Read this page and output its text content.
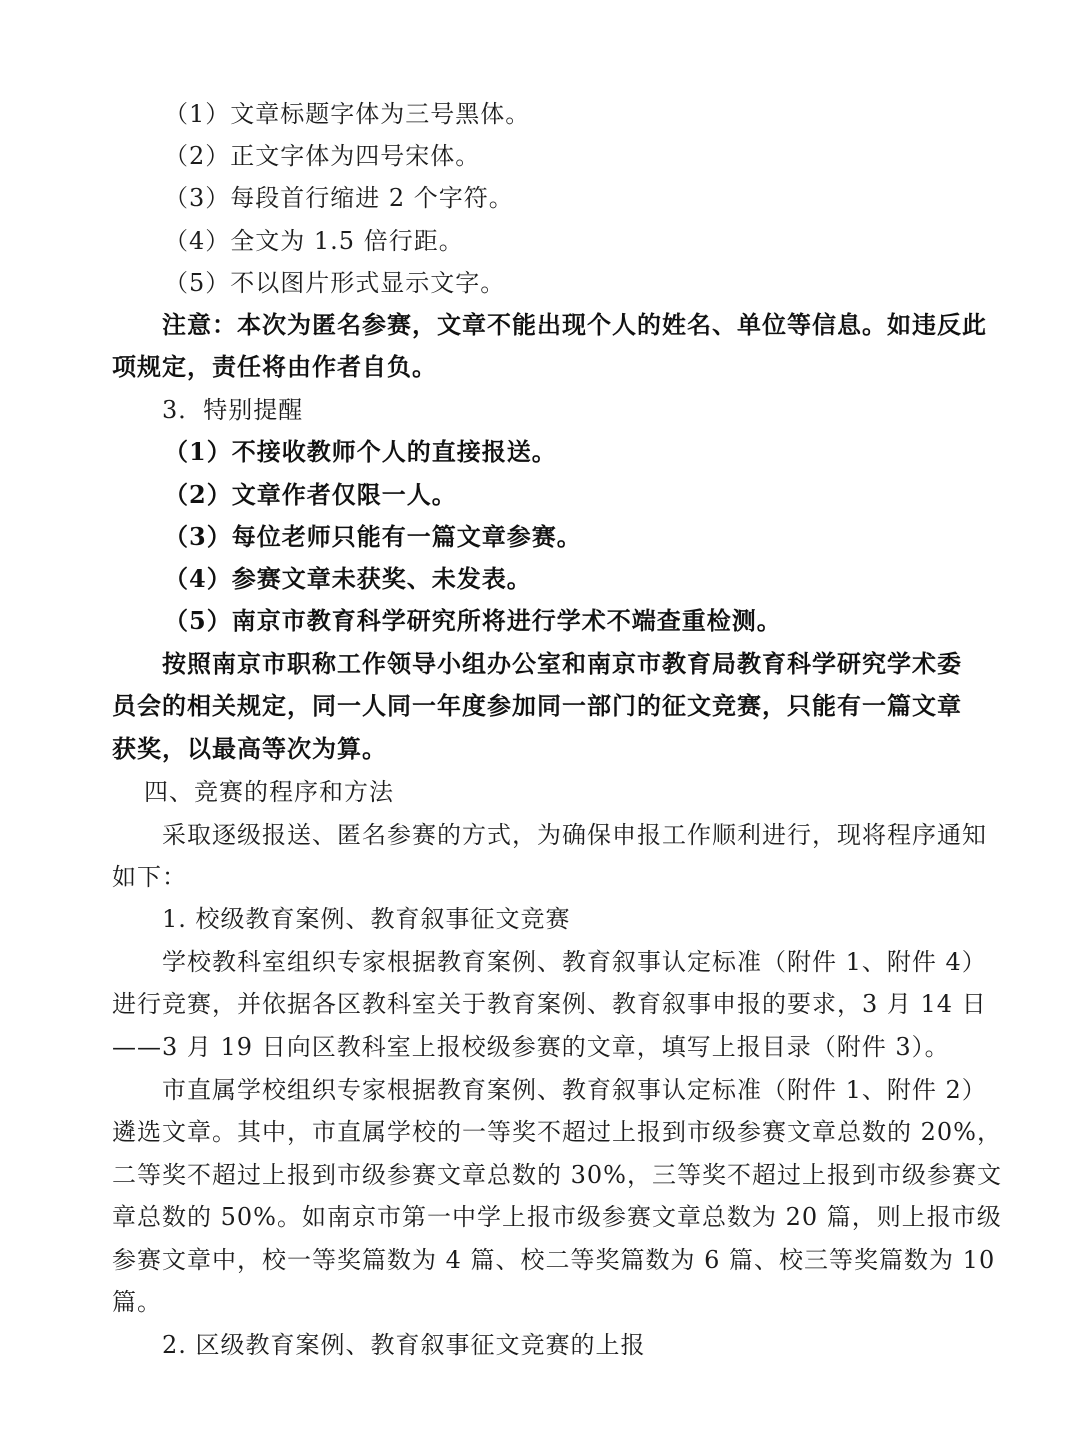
（1）文章标题字体为三号黑体。

（2）正文字体为四号宋体。

（3）每段首行缩进 2 个字符。

（4）全文为 1.5 倍行距。

（5）不以图片形式显示文字。

注意：本次为匿名参赛，文章不能出现个人的姓名、单位等信息。如违反此

项规定，责任将由作者自负。

3．特别提醒

（1）不接收教师个人的直接报送。

（2）文章作者仅限一人。

（3）每位老师只能有一篇文章参赛。

（4）参赛文章未获奖、未发表。

（5）南京市教育科学研究所将进行学术不端查重检测。

按照南京市职称工作领导小组办公室和南京市教育局教育科学研究学术委

员会的相关规定，同一人同一年度参加同一部门的征文竞赛，只能有一篇文章

获奖，以最高等次为算。

四、竞赛的程序和方法

采取逐级报送、匿名参赛的方式，为确保申报工作顺利进行，现将程序通知

如下：

1. 校级教育案例、教育叙事征文竞赛

学校教科室组织专家根据教育案例、教育叙事认定标准（附件 1、附件 4）

进行竞赛，并依据各区教科室关于教育案例、教育叙事申报的要求，3 月 14 日

——3 月 19 日向区教科室上报校级参赛的文章，填写上报目录（附件 3）。

市直属学校组织专家根据教育案例、教育叙事认定标准（附件 1、附件 2）

遴选文章。其中，市直属学校的一等奖不超过上报到市级参赛文章总数的 20%，

二等奖不超过上报到市级参赛文章总数的 30%，三等奖不超过上报到市级参赛文

章总数的 50%。如南京市第一中学上报市级参赛文章总数为 20 篇，则上报市级

参赛文章中，校一等奖篇数为 4 篇、校二等奖篇数为 6 篇、校三等奖篇数为 10

篇。

2. 区级教育案例、教育叙事征文竞赛的上报
